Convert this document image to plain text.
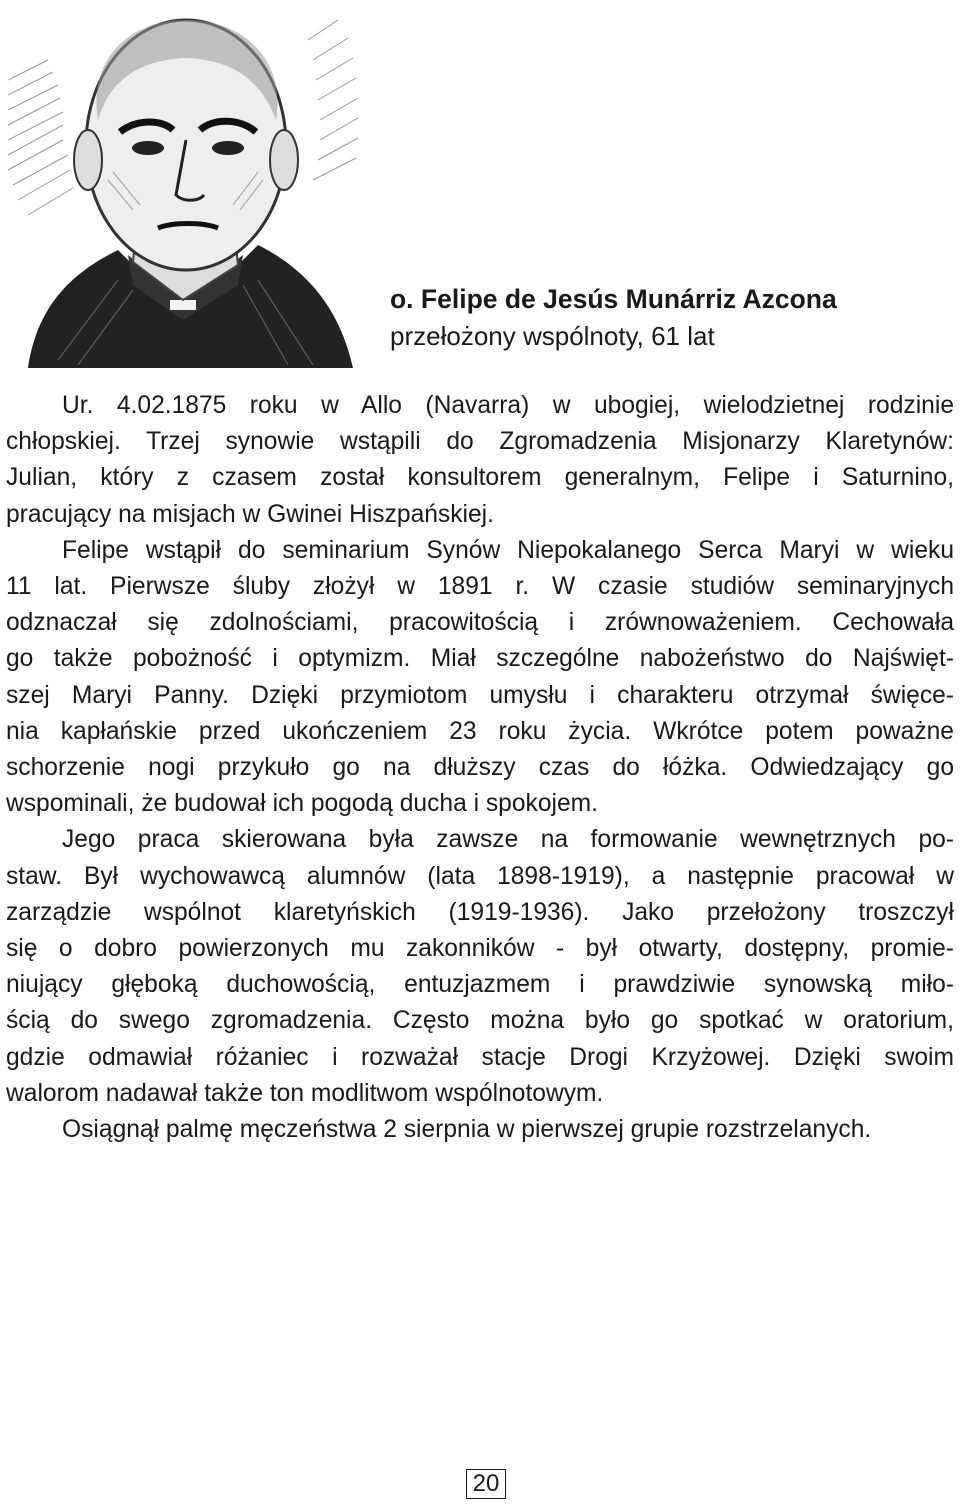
o. Felipe de Jesús Munárriz Azcona
przełożony wspólnoty, 61 lat

Ur. 4.02.1875 roku w Allo (Navarra) w ubogiej, wielodzietnej rodzinie

chłopskiej. Trzej synowie wstąpili do Zgromadzenia Misjonarzy Klaretynów:
Julian, który z czasem został konsultorem generalnym, Felipe i Saturnino,
pracujący na misjach w Gwinei Hiszpańskiej.

Felipe wstąpił do seminarium Synów Niepokalanego Serca Maryi w wieku

11 lat. Pierwsze śluby złożył w 1891 r. W czasie studiów seminaryjnych
odznaczał się zdolnościami, pracowitością i zrównoważeniem. Cechowała
go także pobożność i optymizm. Miał szczególne nabożeństwo do Najświęt-
szej Maryi Panny. Dzięki przymiotom umysłu i charakteru otrzymał święce-
nia kapłańskie przed ukończeniem 23 roku życia. Wkrótce potem poważne
schorzenie nogi przykuło go na dłuższy czas do łóżka. Odwiedzający go
wspominali, że budował ich pogodą ducha i spokojem.

Jego praca skierowana była zawsze na formowanie wewnętrznych po-

staw. Był wychowawcą alumnów (lata 1898-1919), a następnie pracował w
zarządzie wspólnot klaretyńskich (1919-1936). Jako przełożony troszczył
się o dobro powierzonych mu zakonników - był otwarty, dostępny, promie-
niujący głęboką duchowością, entuzjazmem i prawdziwie synowską miło-
ścią do swego zgromadzenia. Często można było go spotkać w oratorium,
gdzie odmawiał różaniec i rozważał stacje Drogi Krzyżowej. Dzięki swoim
walorom nadawał także ton modlitwom wspólnotowym.

Osiągnął palmę męczeństwa 2 sierpnia w pierwszej grupie rozstrzelanych.

20
